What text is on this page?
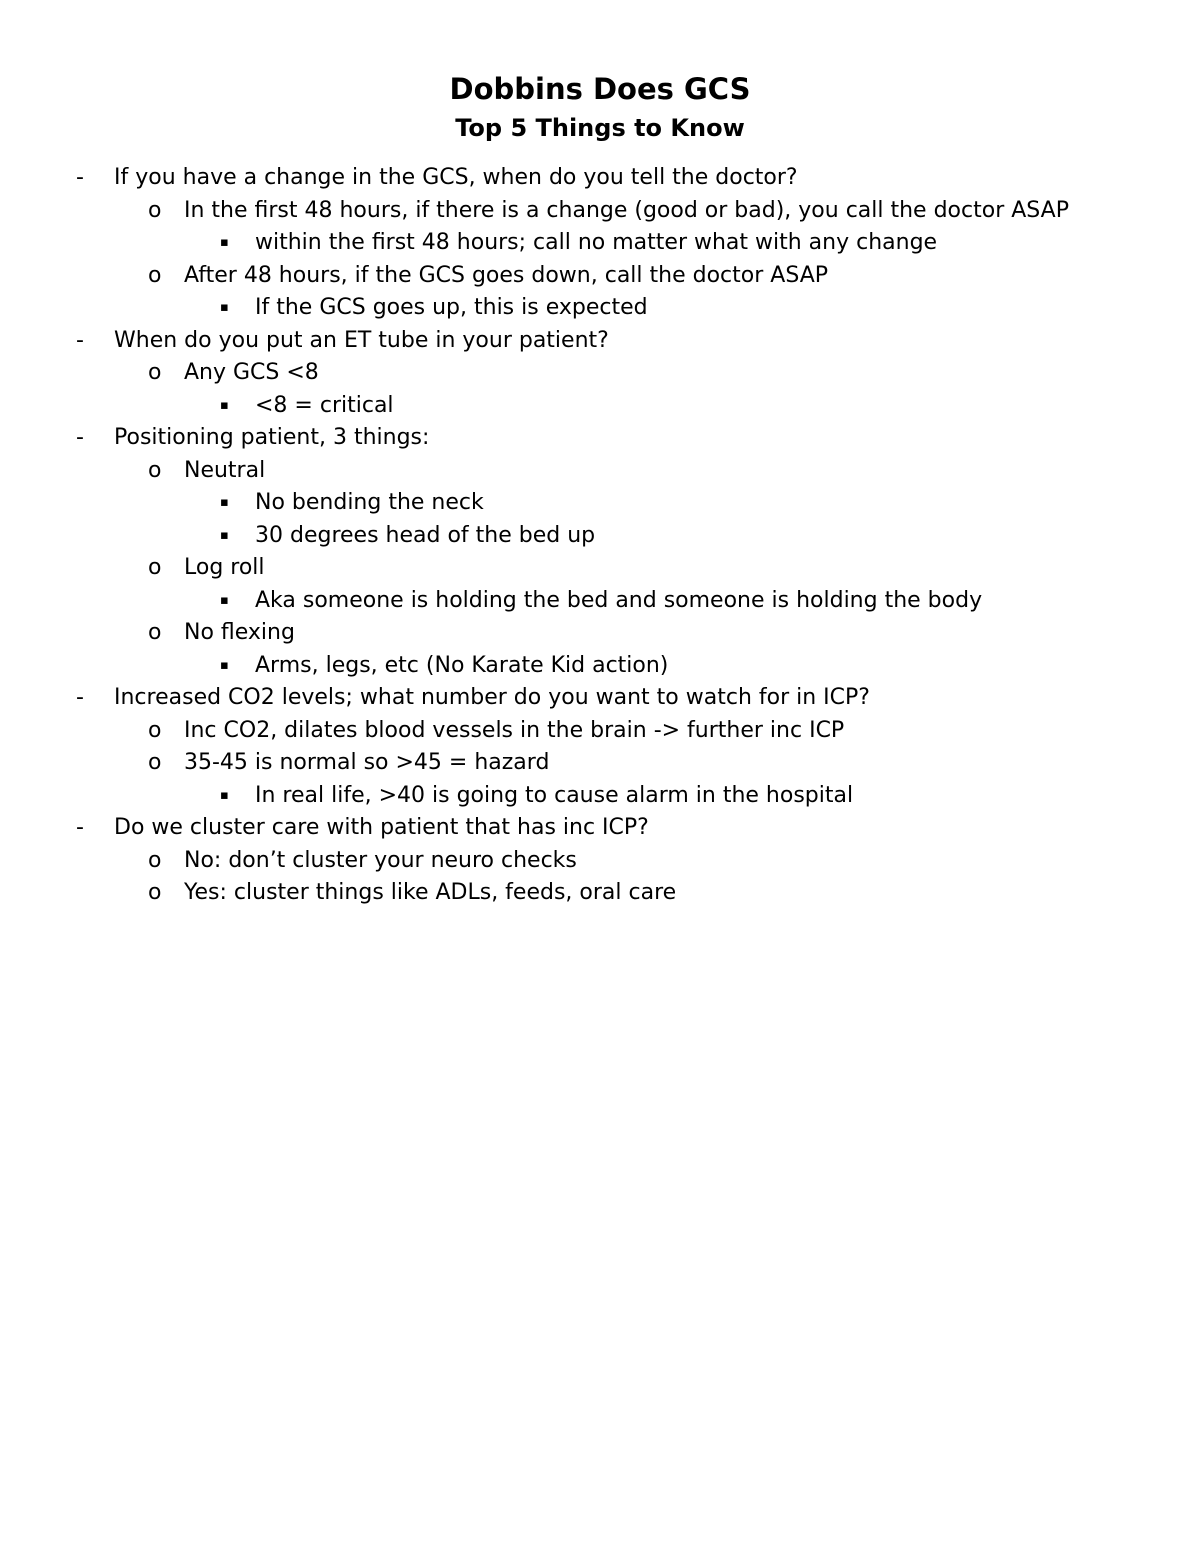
Dobbins Does GCS
Top 5 Things to Know
- If you have a change in the GCS, when do you tell the doctor?
o In the first 48 hours, if there is a change (good or bad), you call the doctor ASAP
▪ within the first 48 hours; call no matter what with any change
o After 48 hours, if the GCS goes down, call the doctor ASAP
▪ If the GCS goes up, this is expected
- When do you put an ET tube in your patient?
o Any GCS <8
▪ <8 = critical
- Positioning patient, 3 things:
o Neutral
▪ No bending the neck
▪ 30 degrees head of the bed up
o Log roll
▪ Aka someone is holding the bed and someone is holding the body
o No flexing
▪ Arms, legs, etc (No Karate Kid action)
- Increased CO2 levels; what number do you want to watch for in ICP?
o Inc CO2, dilates blood vessels in the brain -> further inc ICP
o 35-45 is normal so >45 = hazard
▪ In real life, >40 is going to cause alarm in the hospital
- Do we cluster care with patient that has inc ICP?
o No: don’t cluster your neuro checks
o Yes: cluster things like ADLs, feeds, oral care
